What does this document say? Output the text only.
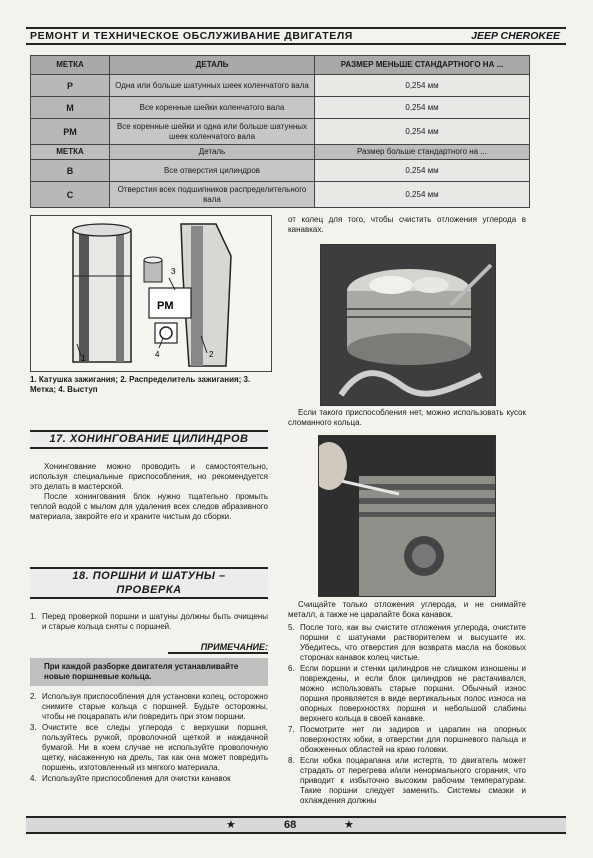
РЕМОНТ И ТЕХНИЧЕСКОЕ ОБСЛУЖИВАНИЕ ДВИГАТЕЛЯ	JEEP CHEROKEE
МЕТКА	ДЕТАЛЬ	РАЗМЕР МЕНЬШЕ СТАНДАРТНОГО НА ...
P	Одна или больше шатунных шеек коленчатого вала	0,254 мм
M	Все коренные шейки коленчатого вала	0,254 мм
PM	Все коренные шейки и одна или больше шатунных шеек коленчатого вала	0,254 мм
МЕТКА	Деталь	Размер больше стандартного на ...
B	Все отверстия цилиндров	0,254 мм
C	Отверстия всех подшипников распределительного вала	0,254 мм
1	2
3
4
PM
1. Катушка зажигания; 2. Распределитель зажигания; 3. Метка; 4. Выступ
17. ХОНИНГОВАНИЕ ЦИЛИНДРОВ
Хонингование можно проводить и самостоятельно, используя специальные приспособления, но рекомендуется это делать в мастерской.
После хонингования блок нужно тщательно промыть теплой водой с мылом для удаления всех следов абразивного материала, закройте его и храните чистым до сборки.
18. ПОРШНИ И ШАТУНЫ –
ПРОВЕРКА
1. Перед проверкой поршни и шатуны должны быть очищены и старые кольца сняты с поршней.
ПРИМЕЧАНИЕ:
При каждой разборке двигателя устанавливайте новые поршневые кольца.
2. Используя приспособления для установки колец, осторожно снимите старые кольца с поршней. Будьте осторожны, чтобы не поцарапать или повредить при этом поршни.
3. Очистите все следы углерода с верхушки поршня, пользуйтесь ручкой, проволочной щеткой и наждачной бумагой. Ни в коем случае не используйте проволочную щетку, насаженную на дрель, так как она может повредить поршень, изготовленный из мягкого материала.
4. Используйте приспособления для очистки канавок
от колец для того, чтобы счистить отложения углерода в канавках.
Если такого приспособления нет, можно использовать кусок сломанного кольца.
Счищайте только отложения углерода, и не снимайте металл, а также не царапайте бока канавок.
5. После того, как вы счистите отложения углерода, очистите поршни с шатунами растворителем и высушите их. Убедитесь, что отверстия для возврата масла на боковых сторонах канавок колец чистые.
6. Если поршни и стенки цилиндров не слишком изношены и повреждены, и если блок цилиндров не растачивался, можно использовать старые поршни. Обычный износ поршня проявляется в виде вертикальных полос износа на опорных поверхностях поршня и небольшой слабины верхнего кольца в своей канавке.
7. Посмотрите нет ли задиров и царапин на опорных поверхностях юбки, в отверстии для поршневого пальца и обожженных областей на краю головки.
8. Если юбка поцарапана или истерта, то двигатель может страдать от перегрева и/или ненормального сгорания, что приводит к избыточно высоким рабочим температурам. Такие поршни следует заменить. Системы смазки и охлаждения должны
★	68	★
